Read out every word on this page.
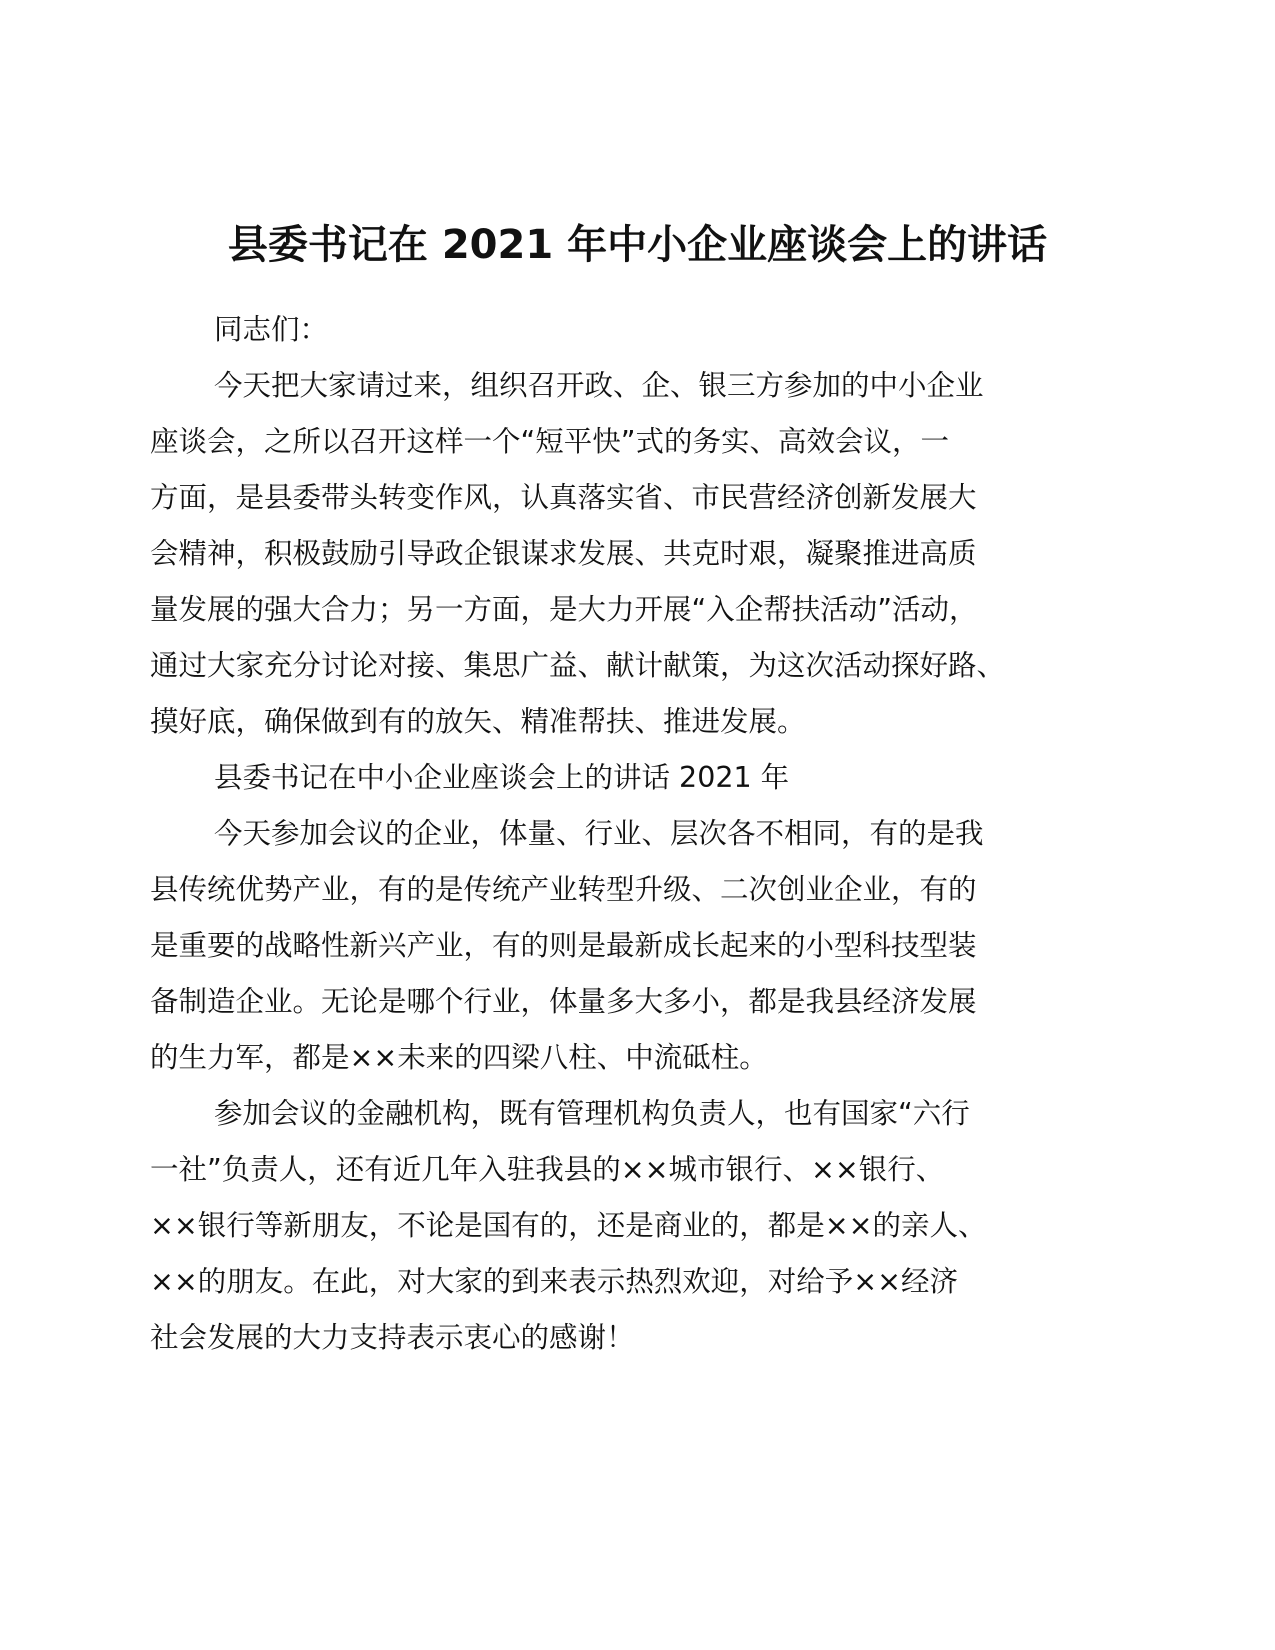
县委书记在 2021 年中小企业座谈会上的讲话

同志们：

今天把大家请过来，组织召开政、企、银三方参加的中小企业
座谈会，之所以召开这样一个“短平快”式的务实、高效会议，一
方面，是县委带头转变作风，认真落实省、市民营经济创新发展大
会精神，积极鼓励引导政企银谋求发展、共克时艰，凝聚推进高质
量发展的强大合力；另一方面，是大力开展“入企帮扶活动”活动，
通过大家充分讨论对接、集思广益、献计献策，为这次活动探好路、
摸好底，确保做到有的放矢、精准帮扶、推进发展。

县委书记在中小企业座谈会上的讲话 2021 年

今天参加会议的企业，体量、行业、层次各不相同，有的是我
县传统优势产业，有的是传统产业转型升级、二次创业企业，有的
是重要的战略性新兴产业，有的则是最新成长起来的小型科技型装
备制造企业。无论是哪个行业，体量多大多小，都是我县经济发展
的生力军，都是××未来的四梁八柱、中流砥柱。

参加会议的金融机构，既有管理机构负责人，也有国家“六行
一社”负责人，还有近几年入驻我县的××城市银行、××银行、
××银行等新朋友，不论是国有的，还是商业的，都是××的亲人、
××的朋友。在此，对大家的到来表示热烈欢迎，对给予××经济
社会发展的大力支持表示衷心的感谢！
